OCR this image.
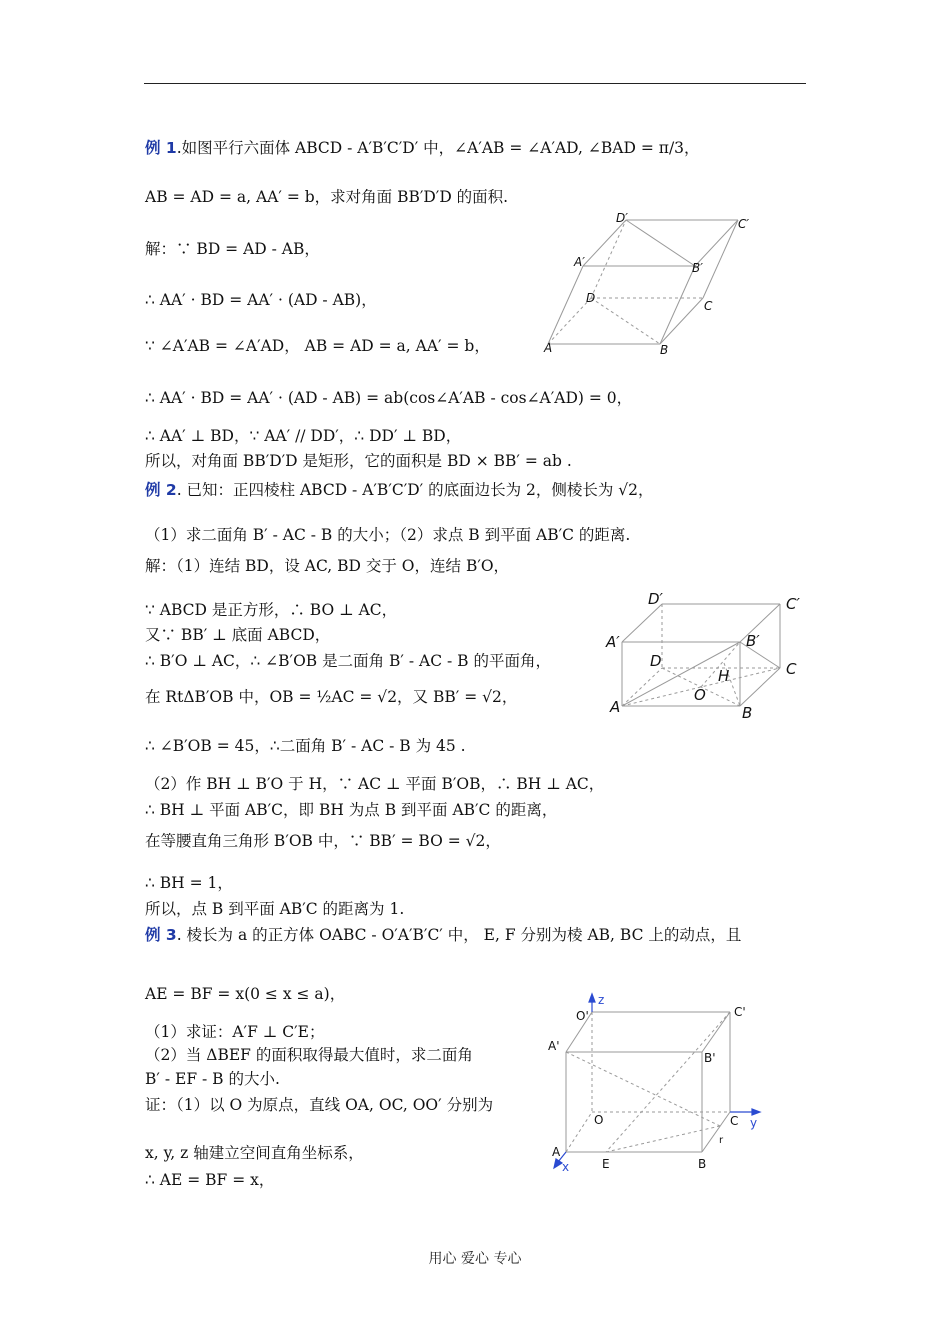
例 1.如图平行六面体 ABCD - A′B′C′D′ 中，∠A′AB = ∠A′AD, ∠BAD = π/3，
AB = AD = a, AA′ = b，求对角面 BB′D′D 的面积.
解：∵ BD = AD - AB，
∴ AA′ · BD = AA′ · (AD - AB)，
∵ ∠A′AB = ∠A′AD， AB = AD = a, AA′ = b，
∴ AA′ · BD = AA′ · (AD - AB) = ab(cos∠A′AB - cos∠A′AD) = 0，
∴ AA′ ⊥ BD，∵ AA′ // DD′，∴ DD′ ⊥ BD，
所以，对角面 BB′D′D 是矩形，它的面积是 BD × BB′ = ab .
D′	C′
A′	B′
D
C
A	B
例 2. 已知：正四棱柱 ABCD - A′B′C′D′ 的底面边长为 2，侧棱长为 √2，
（1）求二面角 B′ - AC - B 的大小；（2）求点 B 到平面 AB′C 的距离.
解：（1）连结 BD，设 AC, BD 交于 O，连结 B′O，
∵ ABCD 是正方形，∴ BO ⊥ AC，
又∵ BB′ ⊥ 底面 ABCD，
∴ B′O ⊥ AC，∴ ∠B′OB 是二面角 B′ - AC - B 的平面角，
在 RtΔB′OB 中，OB = ½AC = √2，又 BB′ = √2，
∴ ∠B′OB = 45，∴二面角 B′ - AC - B 为 45 .
（2）作 BH ⊥ B′O 于 H，∵ AC ⊥ 平面 B′OB，∴ BH ⊥ AC，
∴ BH ⊥ 平面 AB′C，即 BH 为点 B 到平面 AB′C 的距离，
在等腰直角三角形 B′OB 中，∵ BB′ = BO = √2，
∴ BH = 1，
所以，点 B 到平面 AB′C 的距离为 1.
D′	C′
A′	B′
D
H	C
O
A	B
例 3. 棱长为 a 的正方体 OABC - O′A′B′C′ 中， E, F 分别为棱 AB, BC 上的动点，且
AE = BF = x(0 ≤ x ≤ a)，
（1）求证：A′F ⊥ C′E；
（2）当 ΔBEF 的面积取得最大值时，求二面角
B′ - EF - B 的大小.
证：（1）以 O 为原点，直线 OA, OC, OO′ 分别为
x, y, z 轴建立空间直角坐标系，
∴ AE = BF = x，
z
O'	C'
A'
B'
O	C y
r
A
x	E	B
用心 爱心 专心
